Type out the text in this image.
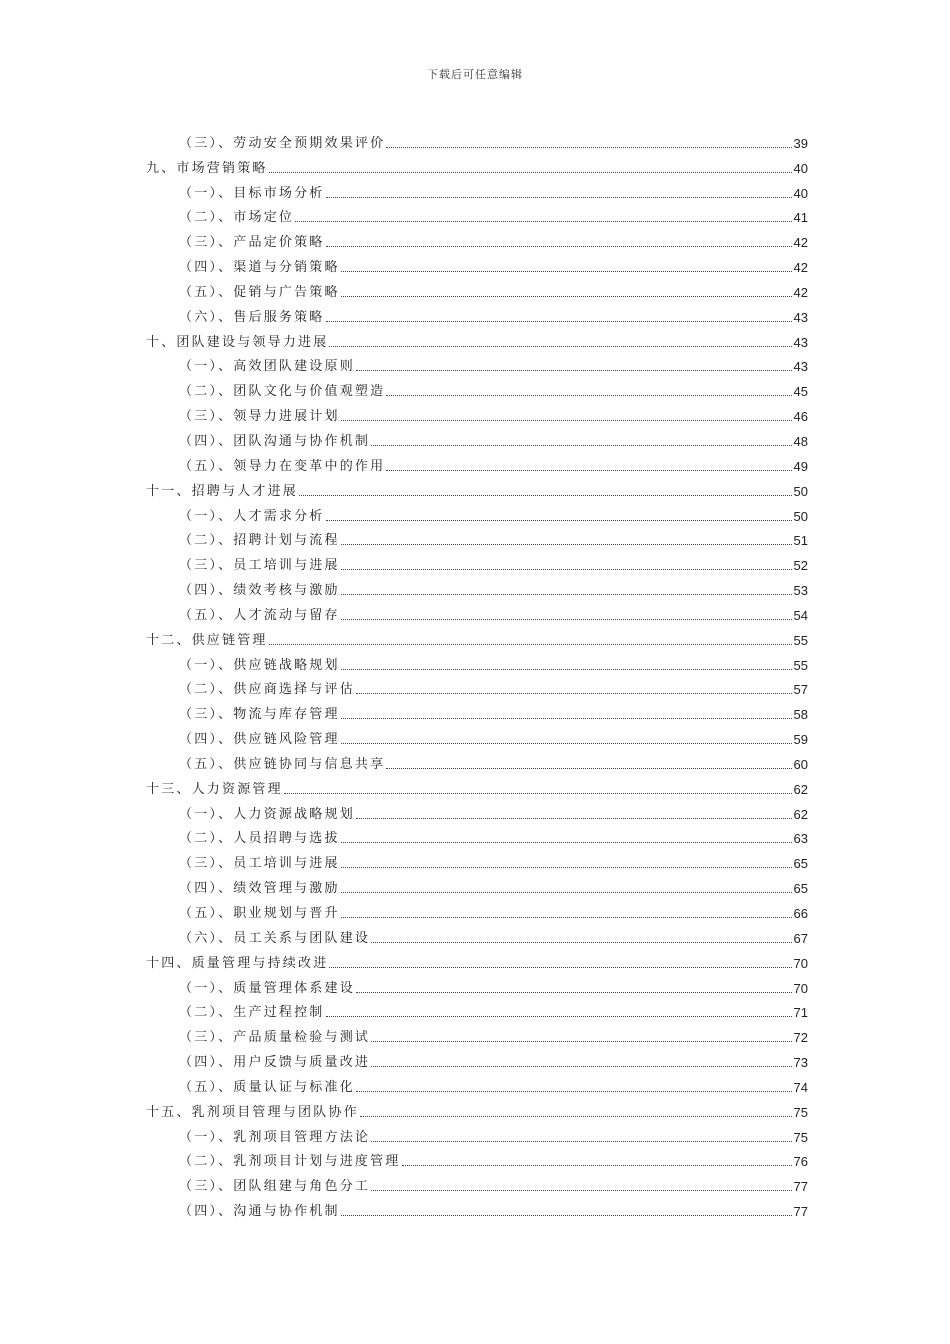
下载后可任意编辑
（三）、劳动安全预期效果评价	39
九、市场营销策略	40
（一）、目标市场分析	40
（二）、市场定位	41
（三）、产品定价策略	42
（四）、渠道与分销策略	42
（五）、促销与广告策略	42
（六）、售后服务策略	43
十、团队建设与领导力进展	43
（一）、高效团队建设原则	43
（二）、团队文化与价值观塑造	45
（三）、领导力进展计划	46
（四）、团队沟通与协作机制	48
（五）、领导力在变革中的作用	49
十一、招聘与人才进展	50
（一）、人才需求分析	50
（二）、招聘计划与流程	51
（三）、员工培训与进展	52
（四）、绩效考核与激励	53
（五）、人才流动与留存	54
十二、供应链管理	55
（一）、供应链战略规划	55
（二）、供应商选择与评估	57
（三）、物流与库存管理	58
（四）、供应链风险管理	59
（五）、供应链协同与信息共享	60
十三、人力资源管理	62
（一）、人力资源战略规划	62
（二）、人员招聘与选拔	63
（三）、员工培训与进展	65
（四）、绩效管理与激励	65
（五）、职业规划与晋升	66
（六）、员工关系与团队建设	67
十四、质量管理与持续改进	70
（一）、质量管理体系建设	70
（二）、生产过程控制	71
（三）、产品质量检验与测试	72
（四）、用户反馈与质量改进	73
（五）、质量认证与标准化	74
十五、乳剂项目管理与团队协作	75
（一）、乳剂项目管理方法论	75
（二）、乳剂项目计划与进度管理	76
（三）、团队组建与角色分工	77
（四）、沟通与协作机制	77
